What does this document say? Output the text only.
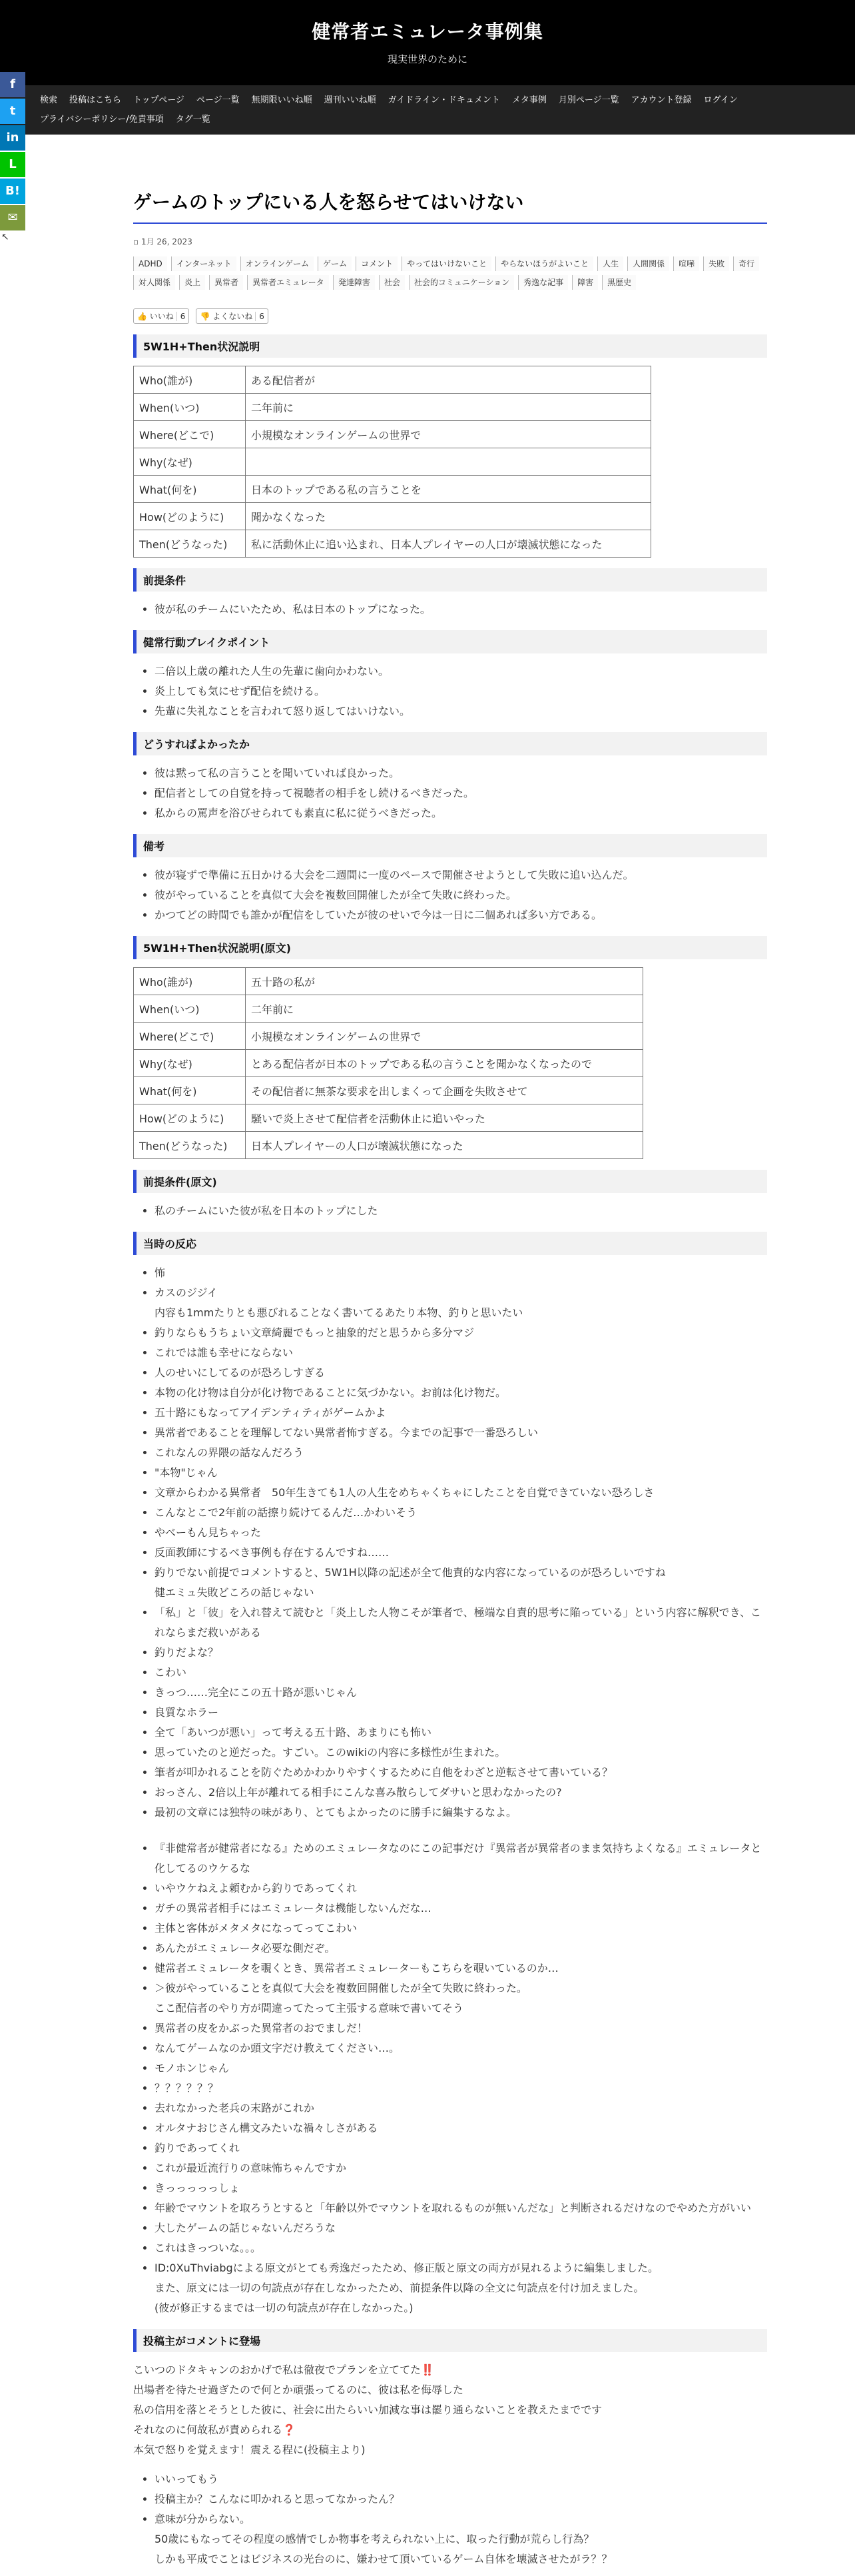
健常者エミュレータ事例集
現実世界のために
検索 投稿はこちら トップページ ページ一覧 無期限いいね順 週刊いいね順 ガイドライン・ドキュメント メタ事例 月別ページ一覧 アカウント登録 ログイン
プライバシーポリシー/免責事項 タグ一覧
f
t
in
L
B!
✉
↖
ゲームのトップにいる人を怒らせてはいけない
▫ 1月 26, 2023
ADHD	インターネット	オンラインゲーム	ゲーム	コメント	やってはいけないこと	やらないほうがよいこと	人生	人間関係	喧嘩	失敗	奇行
対人関係	炎上	異常者	異常者エミュレータ	発達障害	社会	社会的コミュニケーション	秀逸な記事	障害	黒歴史
👍 いいね 6	👎 よくないね 6
5W1H+Then状況説明
Who(誰が)	ある配信者が
When(いつ)	二年前に
Where(どこで)	小規模なオンラインゲームの世界で
Why(なぜ)	
What(何を)	日本のトップである私の言うことを
How(どのように)	聞かなくなった
Then(どうなった)	私に活動休止に追い込まれ、日本人プレイヤーの人口が壊滅状態になった
前提条件
• 彼が私のチームにいたため、私は日本のトップになった。
健常行動ブレイクポイント
• 二倍以上歳の離れた人生の先輩に歯向かわない。
• 炎上しても気にせず配信を続ける。
• 先輩に失礼なことを言われて怒り返してはいけない。
どうすればよかったか
• 彼は黙って私の言うことを聞いていれば良かった。
• 配信者としての自覚を持って視聴者の相手をし続けるべきだった。
• 私からの罵声を浴びせられても素直に私に従うべきだった。
備考
• 彼が寝ずで準備に五日かける大会を二週間に一度のペースで開催させようとして失敗に追い込んだ。
• 彼がやっていることを真似て大会を複数回開催したが全て失敗に終わった。
• かつてどの時間でも誰かが配信をしていたが彼のせいで今は一日に二個あれば多い方である。
5W1H+Then状況説明(原文)
Who(誰が)	五十路の私が
When(いつ)	二年前に
Where(どこで)	小規模なオンラインゲームの世界で
Why(なぜ)	とある配信者が日本のトップである私の言うことを聞かなくなったので
What(何を)	その配信者に無茶な要求を出しまくって企画を失敗させて
How(どのように)	騒いで炎上させて配信者を活動休止に追いやった
Then(どうなった)	日本人プレイヤーの人口が壊滅状態になった
前提条件(原文)
• 私のチームにいた彼が私を日本のトップにした
当時の反応
• 怖
• カスのジジイ
内容も1mmたりとも悪びれることなく書いてるあたり本物、釣りと思いたい
• 釣りならもうちょい文章綺麗でもっと抽象的だと思うから多分マジ
• これでは誰も幸せにならない
• 人のせいにしてるのが恐ろしすぎる
• 本物の化け物は自分が化け物であることに気づかない。お前は化け物だ。
• 五十路にもなってアイデンティティがゲームかよ
• 異常者であることを理解してない異常者怖すぎる。今までの記事で一番恐ろしい
• これなんの界隈の話なんだろう
• "本物"じゃん
• 文章からわかる異常者　50年生きても1人の人生をめちゃくちゃにしたことを自覚できていない恐ろしさ
• こんなとこで2年前の話擦り続けてるんだ…かわいそう
• やべーもん見ちゃった
• 反面教師にするべき事例も存在するんですね……
• 釣りでない前提でコメントすると、5W1H以降の記述が全て他責的な内容になっているのが恐ろしいですね
健エミュ失敗どころの話じゃない
• 「私」と「彼」を入れ替えて読むと「炎上した人物こそが筆者で、極端な自責的思考に陥っている」という内容に解釈でき、これならまだ救いがある
• 釣りだよな？
• こわい
• きっつ……完全にこの五十路が悪いじゃん
• 良質なホラー
• 全て「あいつが悪い」って考える五十路、あまりにも怖い
• 思っていたのと逆だった。すごい。このwikiの内容に多様性が生まれた。
• 筆者が叩かれることを防ぐためかわかりやすくするために自他をわざと逆転させて書いている？
• おっさん、2倍以上年が離れてる相手にこんな喜み散らしてダサいと思わなかったの?
• 最初の文章には独特の味があり、とてもよかったのに勝手に編集するなよ。
• 『非健常者が健常者になる』ためのエミュレータなのにこの記事だけ『異常者が異常者のまま気持ちよくなる』エミュレータと化してるのウケるな
• いやウケねえよ頼むから釣りであってくれ
• ガチの異常者相手にはエミュレータは機能しないんだな…
• 主体と客体がメタメタになってってこわい
• あんたがエミュレータ必要な側だぞ。
• 健常者エミュレータを覗くとき、異常者エミュレーターもこちらを覗いているのか…
• ＞彼がやっていることを真似て大会を複数回開催したが全て失敗に終わった。
ここ配信者のやり方が間違ってたって主張する意味で書いてそう
• 異常者の皮をかぶった異常者のおでましだ！
• なんてゲームなのか頭文字だけ教えてください…。
• モノホンじゃん
• ？？？？？？
• 去れなかった老兵の末路がこれか
• オルタナおじさん構文みたいな禍々しさがある
• 釣りであってくれ
• これが最近流行りの意味怖ちゃんですか
• きっっっっっしょ
• 年齢でマウントを取ろうとすると「年齢以外でマウントを取れるものが無いんだな」と判断されるだけなのでやめた方がいい
• 大したゲームの話じゃないんだろうな
• これはきっついな。。。
• ID:0XuThviabgによる原文がとても秀逸だったため、修正版と原文の両方が見れるように編集しました。
また、原文には一切の句読点が存在しなかったため、前提条件以降の全文に句読点を付け加えました。
(彼が修正するまでは一切の句読点が存在しなかった。)
投稿主がコメントに登場

こいつのドタキャンのおかげで私は徹夜でプランを立ててた‼️

出場者を待たせ過ぎたので何とか頑張ってるのに、彼は私を侮辱した

私の信用を落とそうとした彼に、社会に出たらいい加減な事は罷り通らないことを教えたまでです

それなのに何故私が責められる❓

本気で怒りを覚えます！震える程に(投稿主より)

• いいってもう
• 投稿主か？こんなに叩かれると思ってなかったん？
• 意味が分からない。
50歳にもなってその程度の感情でしか物事を考えられない上に、取った行動が荒らし行為？
しかも平成でことはビジネスの光台のに、嫌わせて頂いているゲーム自体を壊滅させたがラ？？
